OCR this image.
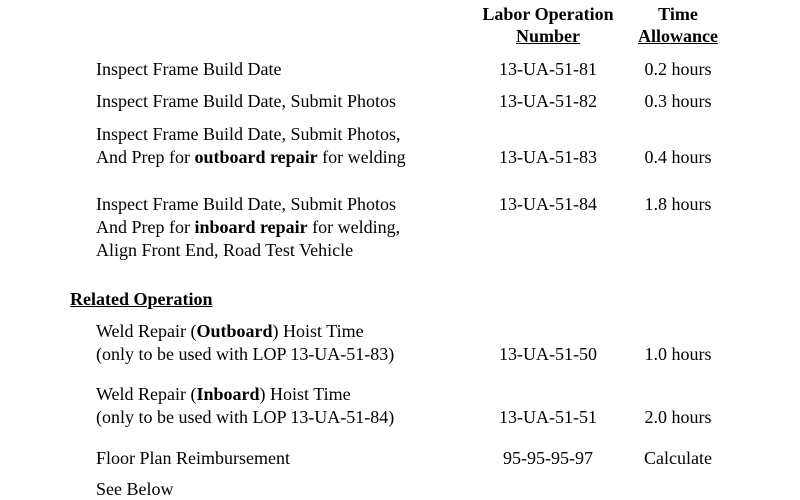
Labor Operation
Number
Time
Allowance
Inspect Frame Build Date	13-UA-51-81	0.2 hours
Inspect Frame Build Date, Submit Photos	13-UA-51-82	0.3 hours
Inspect Frame Build Date, Submit Photos,
And Prep for outboard repair for welding	13-UA-51-83	0.4 hours
Inspect Frame Build Date, Submit Photos
And Prep for inboard repair for welding,
Align Front End, Road Test Vehicle
13-UA-51-84	1.8 hours
Related Operation
Weld Repair (Outboard) Hoist Time
(only to be used with LOP 13-UA-51-83)	13-UA-51-50	1.0 hours
Weld Repair (Inboard) Hoist Time
(only to be used with LOP 13-UA-51-84)	13-UA-51-51	2.0 hours
Floor Plan Reimbursement	95-95-95-97	Calculate
See Below
